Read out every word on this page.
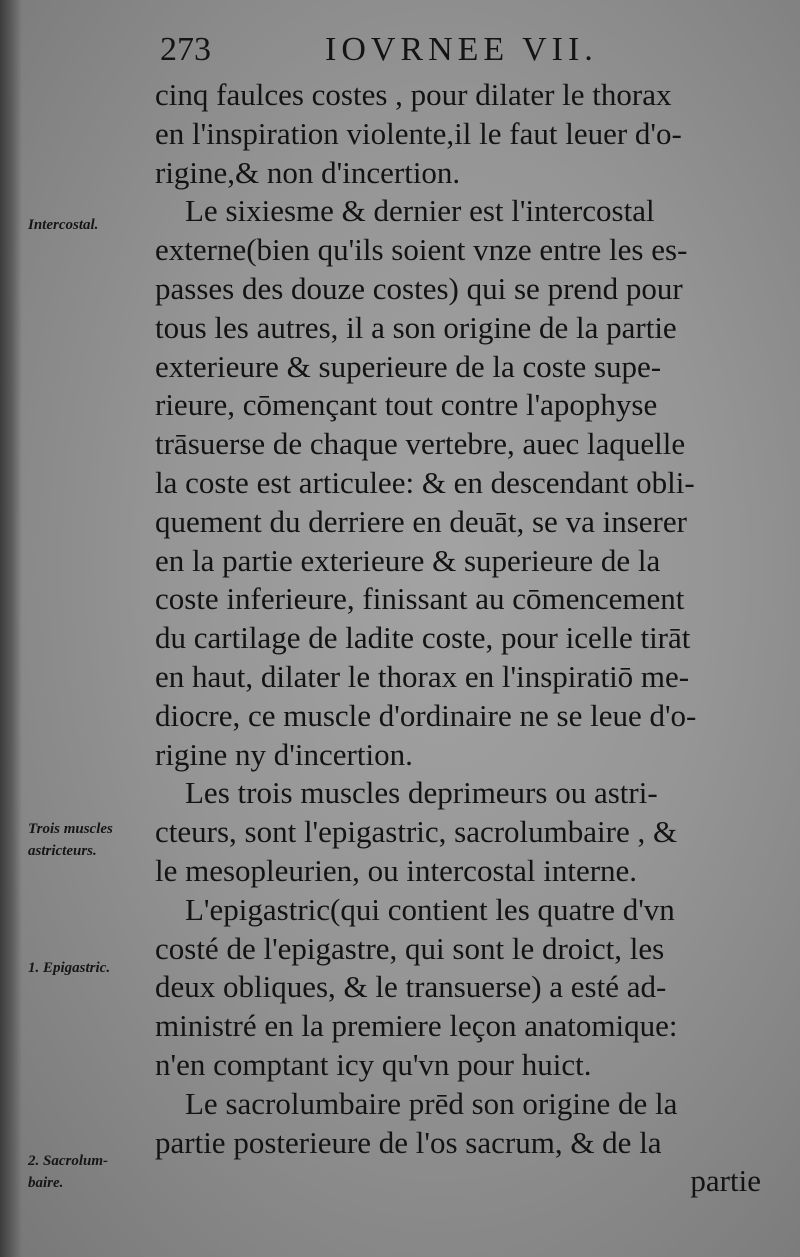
273	IOVRNEE VII.
Intercostal.
Trois muscles
astricteurs.
1. Epigastric.
2. Sacrolum-
baire.
cinq faulces costes , pour dilater le thorax
en l'inspiration violente,il le faut leuer d'o-
rigine,& non d'incertion.
Le sixiesme & dernier est l'intercostal
externe(bien qu'ils soient vnze entre les es-
passes des douze costes) qui se prend pour
tous les autres, il a son origine de la partie
exterieure & superieure de la coste supe-
rieure, cōmençant tout contre l'apophyse
trāsuerse de chaque vertebre, auec laquelle
la coste est articulee: & en descendant obli-
quement du derriere en deuāt, se va inserer
en la partie exterieure & superieure de la
coste inferieure, finissant au cōmencement
du cartilage de ladite coste, pour icelle tirāt
en haut, dilater le thorax en l'inspiratiō me-
diocre, ce muscle d'ordinaire ne se leue d'o-
rigine ny d'incertion.
Les trois muscles deprimeurs ou astri-
cteurs, sont l'epigastric, sacrolumbaire , &
le mesopleurien, ou intercostal interne.
L'epigastric(qui contient les quatre d'vn
costé de l'epigastre, qui sont le droict, les
deux obliques, & le transuerse) a esté ad-
ministré en la premiere leçon anatomique:
n'en comptant icy qu'vn pour huict.
Le sacrolumbaire prēd son origine de la
partie posterieure de l'os sacrum, & de la
partie
